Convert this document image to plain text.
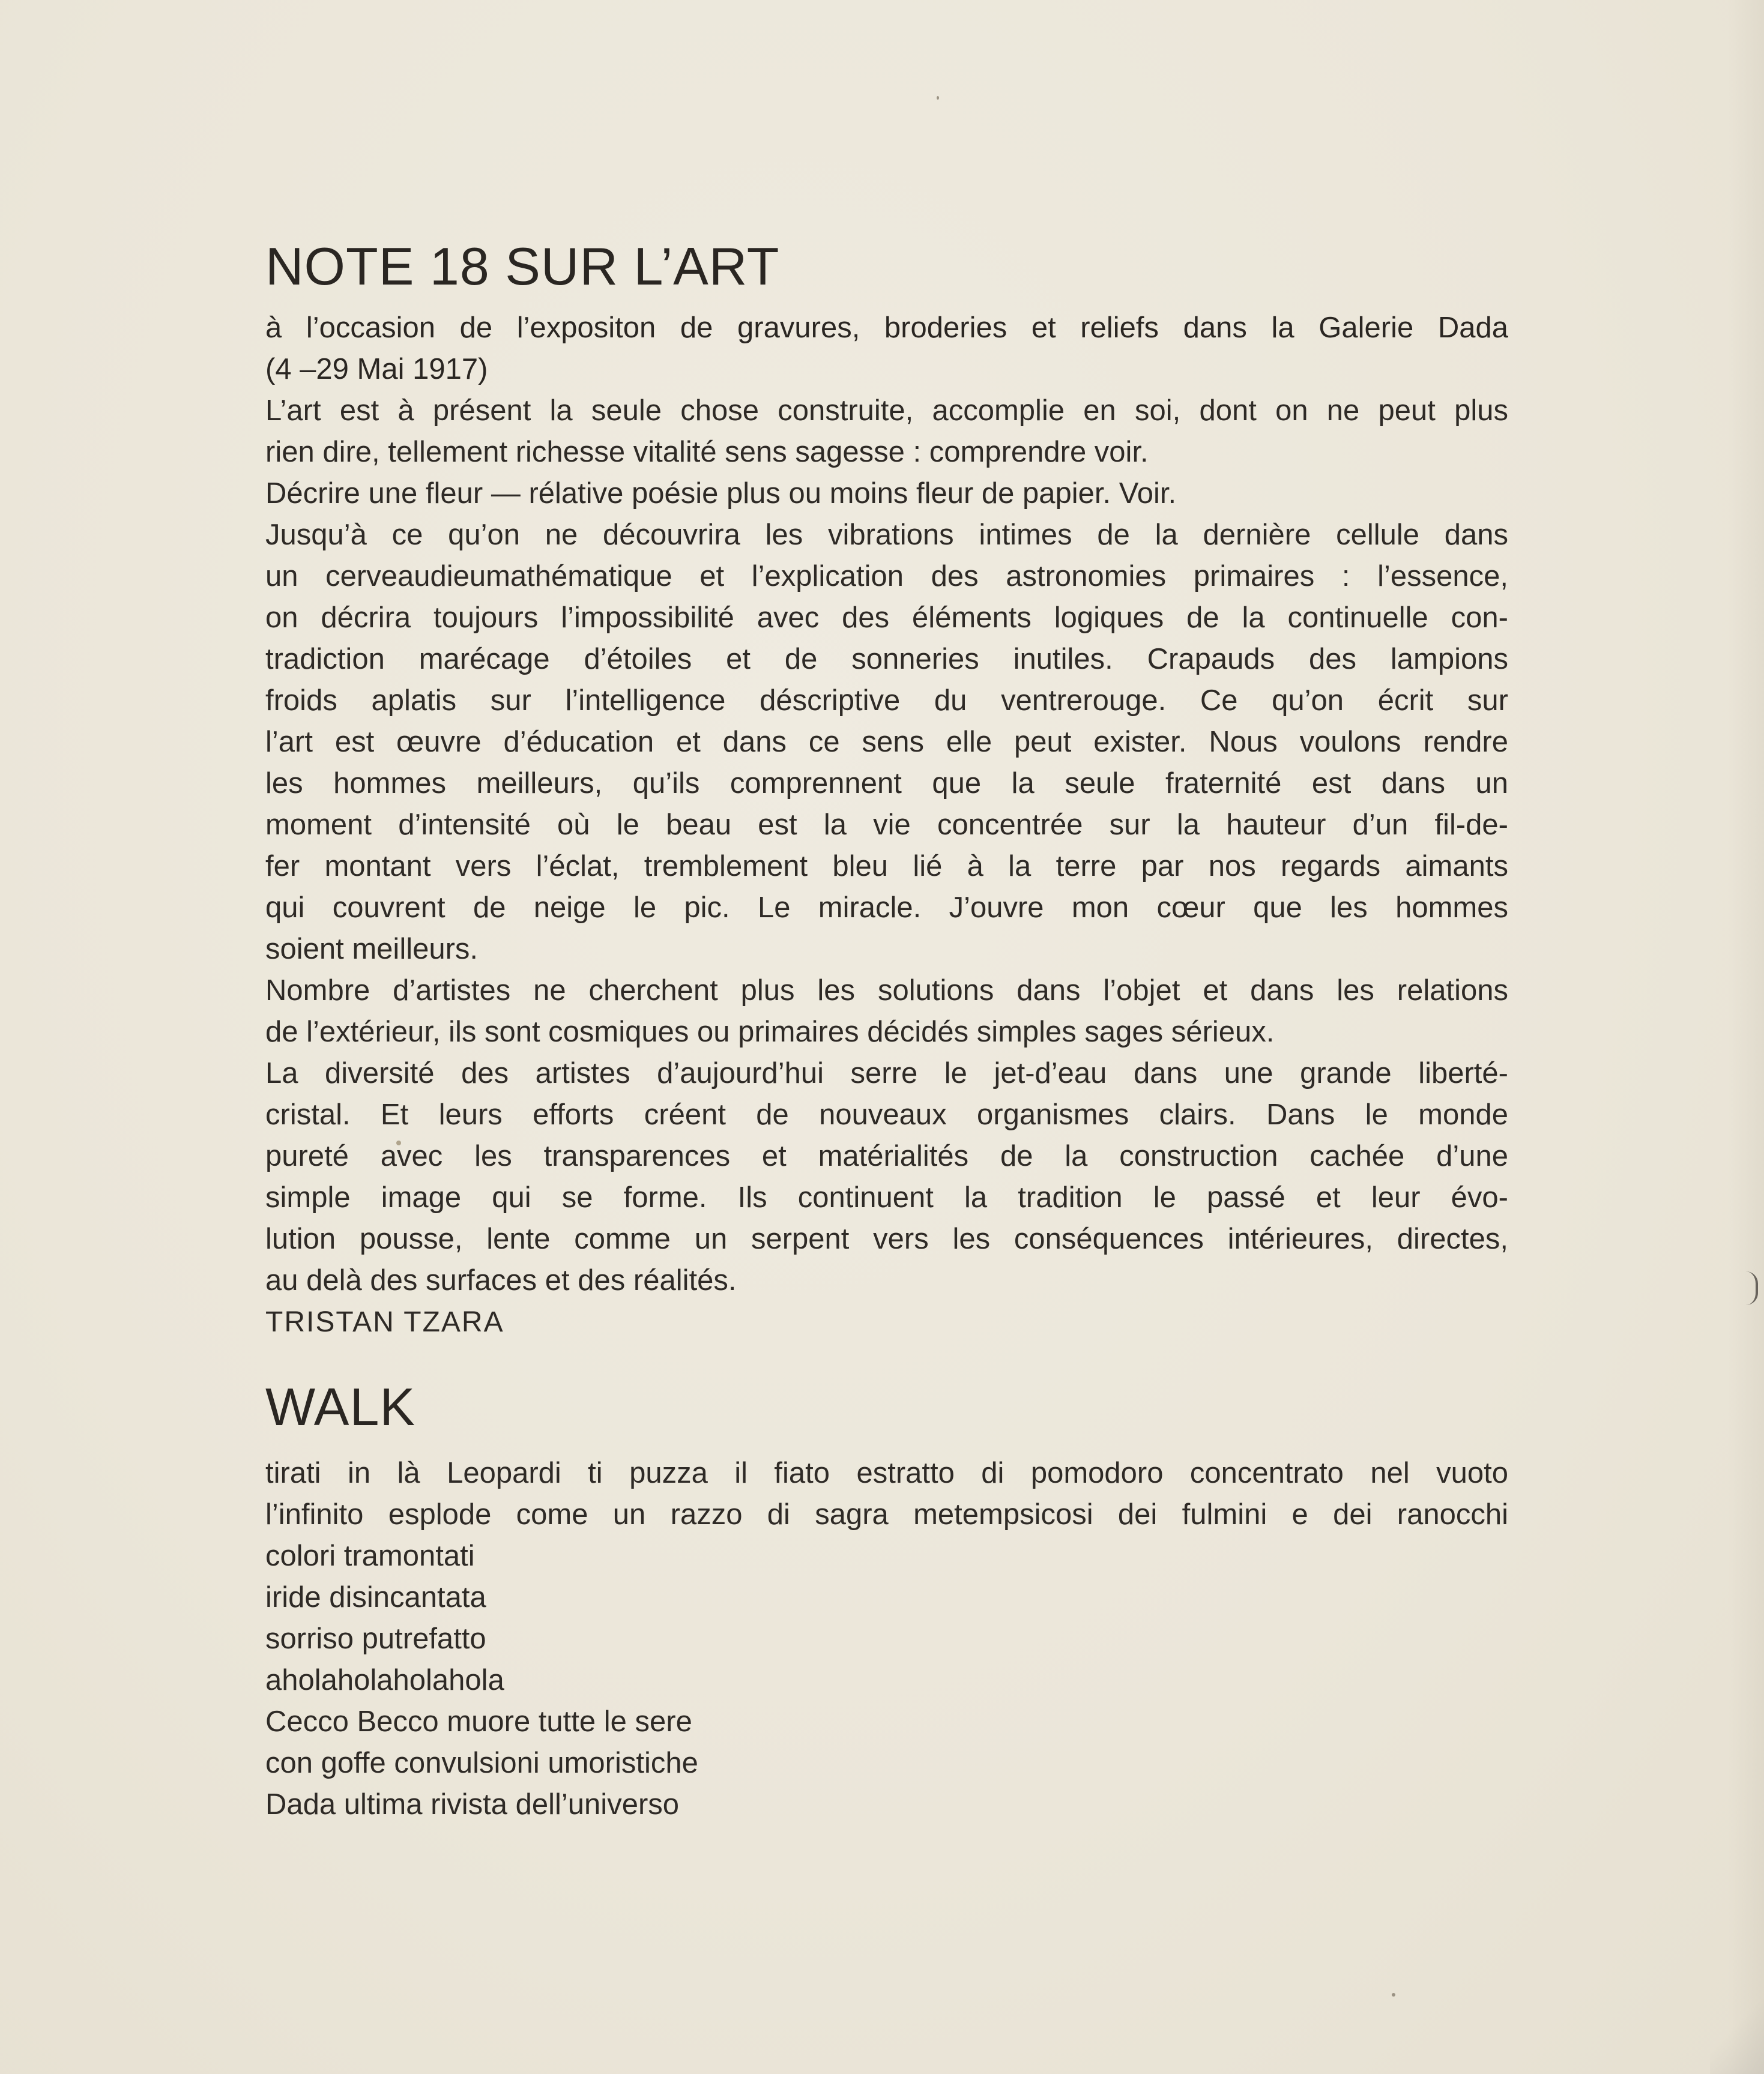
NOTE 18 SUR L’ART
à l’occasion de l’expositon de gravures, broderies et reliefs dans la Galerie Dada
(4 –29 Mai 1917)
L’art est à présent la seule chose construite, accomplie en soi, dont on ne peut plus
rien dire, tellement richesse vitalité sens sagesse : comprendre voir.
Décrire une fleur — rélative poésie plus ou moins fleur de papier. Voir.
Jusqu’à ce qu’on ne découvrira les vibrations intimes de la dernière cellule dans
un cerveaudieumathématique et l’explication des astronomies primaires : l’essence,
on décrira toujours l’impossibilité avec des éléments logiques de la continuelle con-
tradiction marécage d’étoiles et de sonneries inutiles. Crapauds des lampions
froids aplatis sur l’intelligence déscriptive du ventrerouge. Ce qu’on écrit sur
l’art est œuvre d’éducation et dans ce sens elle peut exister. Nous voulons rendre
les hommes meilleurs, qu’ils comprennent que la seule fraternité est dans un
moment d’intensité où le beau est la vie concentrée sur la hauteur d’un fil-de-
fer montant vers l’éclat, tremblement bleu lié à la terre par nos regards aimants
qui couvrent de neige le pic. Le miracle. J’ouvre mon cœur que les hommes
soient meilleurs.
Nombre d’artistes ne cherchent plus les solutions dans l’objet et dans les relations
de l’extérieur, ils sont cosmiques ou primaires décidés simples sages sérieux.
La diversité des artistes d’aujourd’hui serre le jet-d’eau dans une grande liberté-
cristal. Et leurs efforts créent de nouveaux organismes clairs. Dans le monde
pureté avec les transparences et matérialités de la construction cachée d’une
simple image qui se forme. Ils continuent la tradition le passé et leur évo-
lution pousse, lente comme un serpent vers les conséquences intérieures, directes,
au delà des surfaces et des réalités.
TRISTAN TZARA
WALK
tirati in là Leopardi ti puzza il fiato estratto di pomodoro concentrato nel vuoto
l’infinito esplode come un razzo di sagra metempsicosi dei fulmini e dei ranocchi
colori tramontati
iride disincantata
sorriso putrefatto
aholaholaholahola
Cecco Becco muore tutte le sere
con goffe convulsioni umoristiche
Dada ultima rivista dell’universo
